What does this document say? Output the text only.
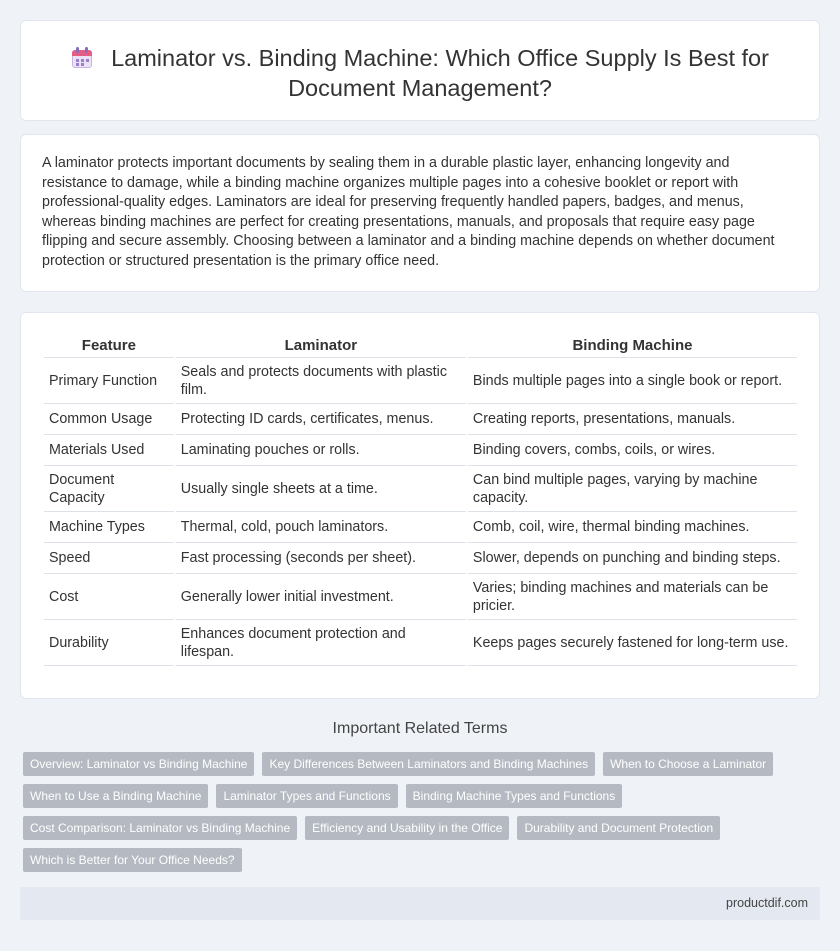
Laminator vs. Binding Machine: Which Office Supply Is Best for Document Management?

A laminator protects important documents by sealing them in a durable plastic layer, enhancing longevity and resistance to damage, while a binding machine organizes multiple pages into a cohesive booklet or report with professional-quality edges. Laminators are ideal for preserving frequently handled papers, badges, and menus, whereas binding machines are perfect for creating presentations, manuals, and proposals that require easy page flipping and secure assembly. Choosing between a laminator and a binding machine depends on whether document protection or structured presentation is the primary office need.

Feature	Laminator	Binding Machine
Primary Function	Seals and protects documents with plastic film.	Binds multiple pages into a single book or report.
Common Usage	Protecting ID cards, certificates, menus.	Creating reports, presentations, manuals.
Materials Used	Laminating pouches or rolls.	Binding covers, combs, coils, or wires.
Document Capacity	Usually single sheets at a time.	Can bind multiple pages, varying by machine capacity.
Machine Types	Thermal, cold, pouch laminators.	Comb, coil, wire, thermal binding machines.
Speed	Fast processing (seconds per sheet).	Slower, depends on punching and binding steps.
Cost	Generally lower initial investment.	Varies; binding machines and materials can be pricier.
Durability	Enhances document protection and lifespan.	Keeps pages securely fastened for long-term use.
Important Related Terms
Overview: Laminator vs Binding Machine	Key Differences Between Laminators and Binding Machines	When to Choose a Laminator
When to Use a Binding Machine	Laminator Types and Functions	Binding Machine Types and Functions
Cost Comparison: Laminator vs Binding Machine	Efficiency and Usability in the Office	Durability and Document Protection
Which is Better for Your Office Needs?
productdif.com
